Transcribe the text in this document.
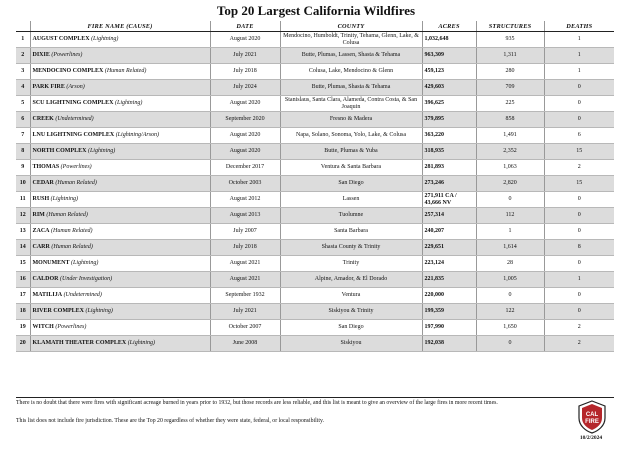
Top 20 Largest California Wildfires
	FIRE NAME (CAUSE)	DATE	COUNTY	ACRES	STRUCTURES	DEATHS
1	AUGUST COMPLEX (Lightning)	August 2020	Mendocino, Humboldt, Trinity, Tehama, Glenn, Lake, & Colusa	1,032,648	935	1
2	DIXIE (Powerlines)	July 2021	Butte, Plumas, Lassen, Shasta & Tehama	963,309	1,311	1
3	MENDOCINO COMPLEX (Human Related)	July 2018	Colusa, Lake, Mendocino & Glenn	459,123	280	1
4	PARK FIRE (Arson)	July 2024	Butte, Plumas, Shasta & Tehama	429,603	709	0
5	SCU LIGHTNING COMPLEX (Lightning)	August 2020	Stanislaus, Santa Clara, Alameda, Contra Costa, & San Joaquin	396,625	225	0
6	CREEK (Undetermined)	September 2020	Fresno & Madera	379,895	858	0
7	LNU LIGHTNING COMPLEX (Lightning/Arson)	August 2020	Napa, Solano, Sonoma, Yolo, Lake, & Colusa	363,220	1,491	6
8	NORTH COMPLEX (Lightning)	August 2020	Butte, Plumas & Yuba	318,935	2,352	15
9	THOMAS (Powerlines)	December 2017	Ventura & Santa Barbara	281,893	1,063	2
10	CEDAR (Human Related)	October 2003	San Diego	273,246	2,820	15
11	RUSH (Lightning)	August 2012	Lassen	271,911 CA / 43,666 NV	0	0
12	RIM (Human Related)	August 2013	Tuolumne	257,314	112	0
13	ZACA (Human Related)	July 2007	Santa Barbara	240,207	1	0
14	CARR (Human Related)	July 2018	Shasta County & Trinity	229,651	1,614	8
15	MONUMENT (Lightning)	August 2021	Trinity	223,124	28	0
16	CALDOR (Under Investigation)	August 2021	Alpine, Amador, & El Dorado	221,835	1,005	1
17	MATILIJA (Undetermined)	September 1932	Ventura	220,000	0	0
18	RIVER COMPLEX (Lightning)	July 2021	Siskiyou & Trinity	199,359	122	0
19	WITCH (Powerlines)	October 2007	San Diego	197,990	1,650	2
20	KLAMATH THEATER COMPLEX (Lightning)	June 2008	Siskiyou	192,038	0	2
There is no doubt that there were fires with significant acreage burned in years prior to 1932, but those records are less reliable, and this list is meant to give an overview of the large fires in more recent times.
This list does not include fire jurisdiction. These are the Top 20 regardless of whether they were state, federal, or local responsibility.
CAL
FIRE
10/2/2024
